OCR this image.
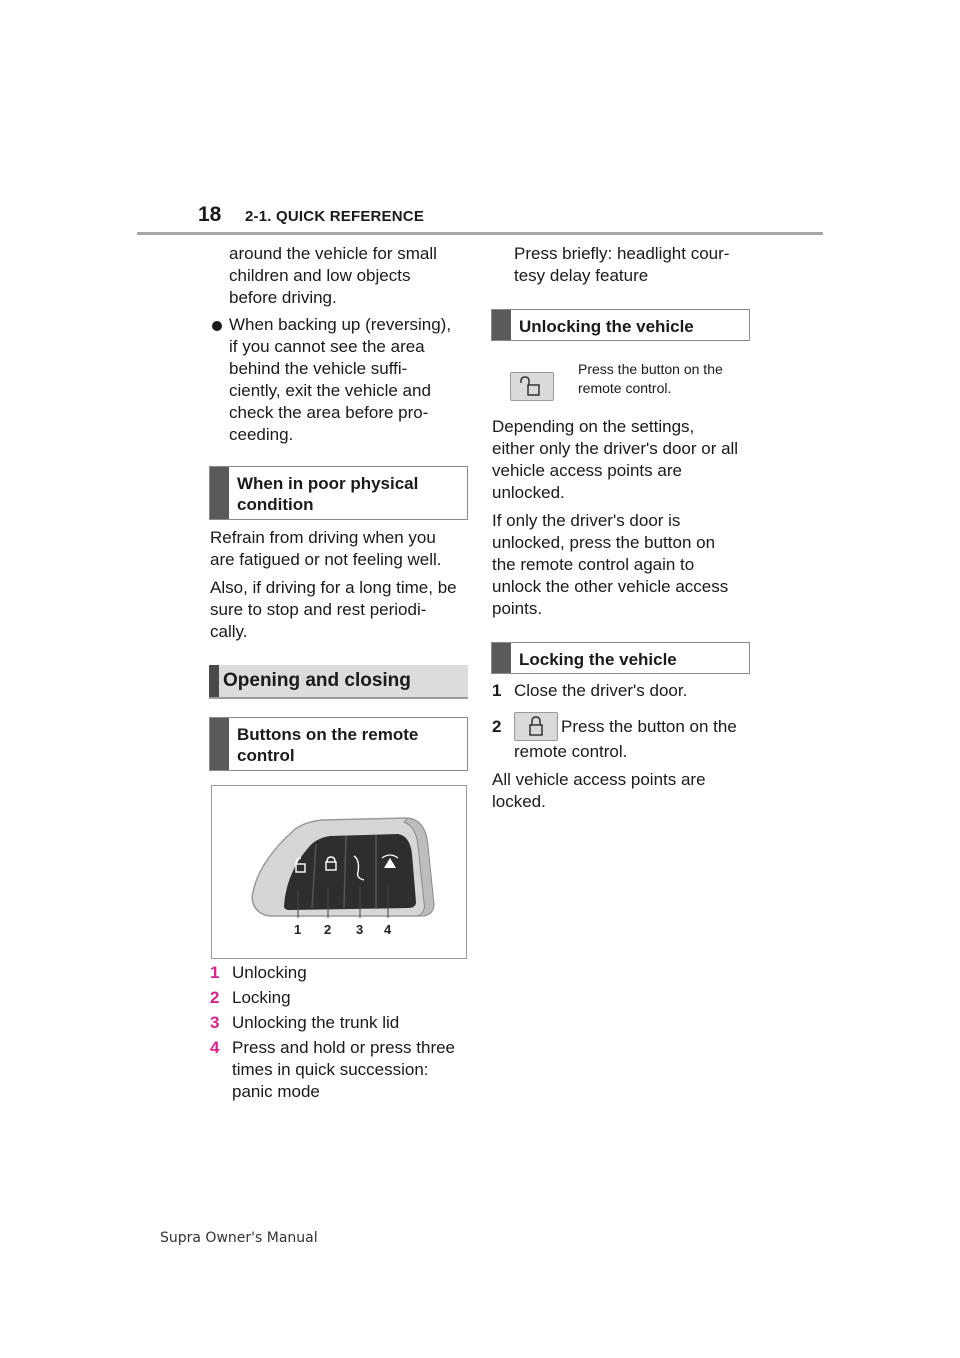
18 2-1. QUICK REFERENCE

around the vehicle for small

children and low objects

before driving.

When backing up (reversing),

if you cannot see the area

behind the vehicle suffi-

ciently, exit the vehicle and

check the area before pro-

ceeding.

When in poor physical
condition

Refrain from driving when you

are fatigued or not feeling well.

Also, if driving for a long time, be

sure to stop and rest periodi-

cally.

Opening and closing
Buttons on the remote
control
1 2 3 4
1 Unlocking
2 Locking
3 Unlocking the trunk lid
4 Press and hold or press three
times in quick succession:
panic mode

Press briefly: headlight cour-

tesy delay feature

Unlocking the vehicle
Press the button on the
remote control.

Depending on the settings,

either only the driver's door or all

vehicle access points are

unlocked.

If only the driver's door is

unlocked, press the button on

the remote control again to

unlock the other vehicle access

points.

Locking the vehicle
1 Close the driver's door.
2	Press the button on the
remote control.

All vehicle access points are

locked.

Supra Owner's Manual
